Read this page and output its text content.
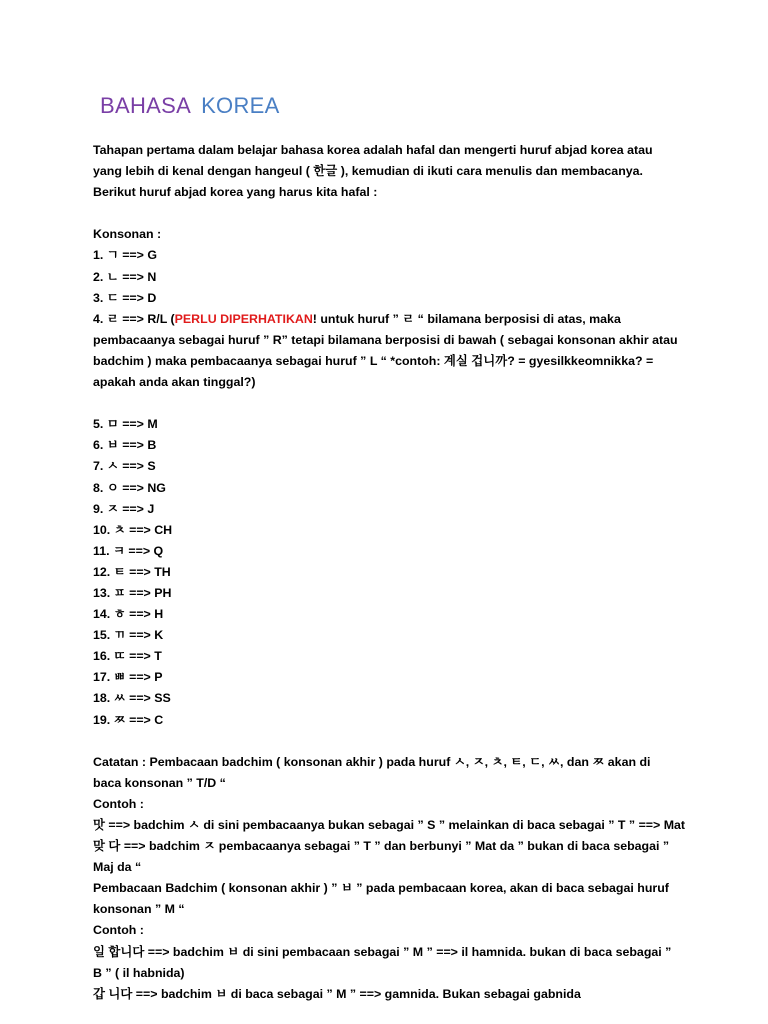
BAHASA KOREA
Tahapan pertama dalam belajar bahasa korea adalah hafal dan mengerti huruf abjad korea atau
yang lebih di kenal dengan hangeul ( 한글 ), kemudian di ikuti cara menulis dan membacanya.
Berikut huruf abjad korea yang harus kita hafal :
Konsonan :
1. ㄱ ==> G
2. ㄴ ==> N
3. ㄷ ==> D
4. ㄹ ==> R/L (PERLU DIPERHATIKAN! untuk huruf ” ㄹ “ bilamana berposisi di atas, maka
pembacaanya sebagai huruf ” R” tetapi bilamana berposisi di bawah ( sebagai konsonan akhir atau
badchim ) maka pembacaanya sebagai huruf ” L “ *contoh: 계실 겁니까? = gyesilkkeomnikka? =
apakah anda akan tinggal?)
5. ㅁ ==> M
6. ㅂ ==> B
7. ㅅ ==> S
8. ㅇ ==> NG
9. ㅈ ==> J
10. ㅊ ==> CH
11. ㅋ ==> Q
12. ㅌ ==> TH
13. ㅍ ==> PH
14. ㅎ ==> H
15. ㄲ ==> K
16. ㄸ ==> T
17. ㅃ ==> P
18. ㅆ ==> SS
19. ㅉ ==> C
Catatan : Pembacaan badchim ( konsonan akhir ) pada huruf ㅅ, ㅈ, ㅊ, ㅌ, ㄷ, ㅆ, dan ㅉ akan di
baca konsonan ” T/D “
Contoh :
맛 ==> badchim ㅅ di sini pembacaanya bukan sebagai ” S ” melainkan di baca sebagai ” T ” ==> Mat
맞 다 ==> badchim ㅈ pembacaanya sebagai ” T ” dan berbunyi ” Mat da ” bukan di baca sebagai ”
Maj da “
Pembacaan Badchim ( konsonan akhir ) ” ㅂ ” pada pembacaan korea, akan di baca sebagai huruf
konsonan ” M “
Contoh :
일 합니다 ==> badchim ㅂ di sini pembacaan sebagai ” M ” ==> il hamnida. bukan di baca sebagai ”
B ” ( il habnida)
갑 니다 ==> badchim ㅂ di baca sebagai ” M ” ==> gamnida. Bukan sebagai gabnida
